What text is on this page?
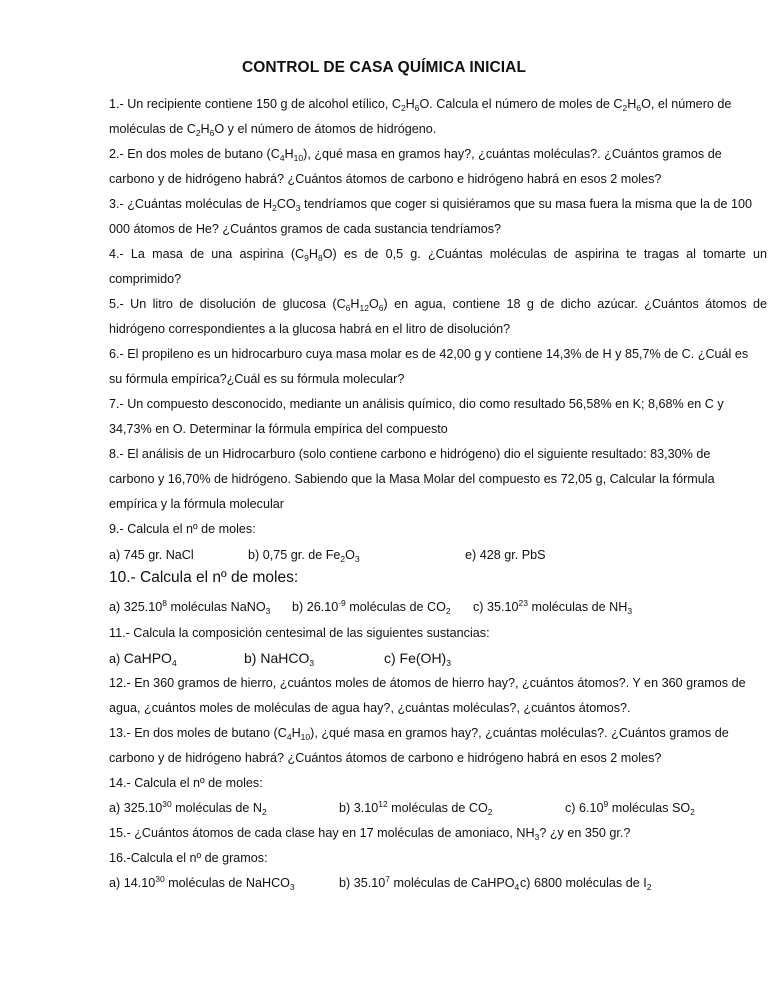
CONTROL DE CASA QUÍMICA INICIAL
1.- Un recipiente contiene 150 g de alcohol etílico, $C_2H_6O$. Calcula el número de moles de $C_2H_6O$, el número de
moléculas de $C_2H_6O$ y el número de átomos de hidrógeno.
2.- En dos moles de butano $(C_4H_{10})$, ¿qué masa en gramos hay?, ¿cuántas moléculas?. ¿Cuántos gramos de
carbono y de hidrógeno habrá? ¿Cuántos átomos de carbono e hidrógeno habrá en esos 2 moles?
3.- ¿Cuántas moléculas de $H_2CO_3$ tendríamos que coger si quisiéramos que su masa fuera la misma que la de 100
000 átomos de He? ¿Cuántos gramos de cada sustancia tendríamos?
4.- La masa de una aspirina $(C_9H_8O)$ es de 0,5 g. ¿Cuántas moléculas de aspirina te tragas al tomarte un
comprimido?
5.- Un litro de disolución de glucosa $(C_6H_{12}O_6)$ en agua, contiene 18 g de dicho azúcar. ¿Cuántos átomos de
hidrógeno correspondientes a la glucosa habrá en el litro de disolución?
6.- El propileno es un hidrocarburo cuya masa molar es de 42,00 g y contiene 14,3% de H y 85,7% de C. ¿Cuál es
su fórmula empírica?¿Cuál es su fórmula molecular?
7.- Un compuesto desconocido, mediante un análisis químico, dio como resultado 56,58% en K; 8,68% en C y
34,73% en O. Determinar la fórmula empírica del compuesto
8.- El análisis de un Hidrocarburo (solo contiene carbono e hidrógeno) dio el siguiente resultado: 83,30% de
carbono y 16,70% de hidrógeno. Sabiendo que la Masa Molar del compuesto es 72,05 g, Calcular la fórmula
empírica y la fórmula molecular
9.- Calcula el nº de moles:
a) 745 gr. NaCl	b) 0,75 gr. de $Fe_2O_3$	e) 428 gr. PbS
10.- Calcula el nº de moles:
a) 325.10$^8$ moléculas NaNO$_3$ b) $26.10^{-9}$ moléculas de $CO_2$ c) 35.10$^{23}$ moléculas de $NH_3$
11.- Calcula la composición centesimal de las siguientes sustancias:
a) CaHPO$_4$	b) NaHCO$_3$	c) $Fe(OH)_3$
12.- En 360 gramos de hierro, ¿cuántos moles de átomos de hierro hay?, ¿cuántos átomos?. Y en 360 gramos de
agua, ¿cuántos moles de moléculas de agua hay?, ¿cuántas moléculas?, ¿cuántos átomos?.
13.- En dos moles de butano $(C_4H_{10})$, ¿qué masa en gramos hay?, ¿cuántas moléculas?. ¿Cuántos gramos de
carbono y de hidrógeno habrá? ¿Cuántos átomos de carbono e hidrógeno habrá en esos 2 moles?
14.- Calcula el nº de moles:
a) 325.10$^{30}$ moléculas de $N_2$	b) 3.10$^{12}$ moléculas de $CO_2$	c) 6.10$^9$ moléculas $SO_2$
15.- ¿Cuántos átomos de cada clase hay en 17 moléculas de amoniaco, $NH_3$? ¿y en 350 gr.?
16.-Calcula el nº de gramos:
a) 14.10$^{30}$ moléculas de NaHCO$_3$	b) 35.10$^7$ moléculas de CaHPO$_4$ c) 6800 moléculas de $I_2$
